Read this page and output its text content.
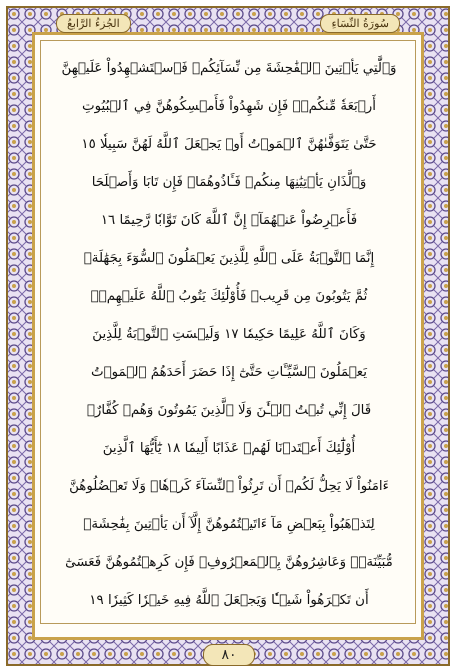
الجُزءُ الرَّابعُ	سُورَةُ النِّسَاءِ
وَٱلَّٰتِي يَأۡتِينَ ٱلۡفَٰحِشَةَ مِن نِّسَآئِكُمۡ فَٱسۡتَشۡهِدُواْ عَلَيۡهِنَّ
أَرۡبَعَةٗ مِّنكُمۡۖ فَإِن شَهِدُواْ فَأَمۡسِكُوهُنَّ فِي ٱلۡبُيُوتِ
حَتَّىٰ يَتَوَفَّىٰهُنَّ ٱلۡمَوۡتُ أَوۡ يَجۡعَلَ ٱللَّهُ لَهُنَّ سَبِيلٗا ١٥
وَٱلَّذَانِ يَأۡتِيَٰنِهَا مِنكُمۡ فَـَٔاذُوهُمَاۖ فَإِن تَابَا وَأَصۡلَحَا
فَأَعۡرِضُواْ عَنۡهُمَآۗ إِنَّ ٱللَّهَ كَانَ تَوَّابٗا رَّحِيمًا ١٦
إِنَّمَا ٱلتَّوۡبَةُ عَلَى ٱللَّهِ لِلَّذِينَ يَعۡمَلُونَ ٱلسُّوٓءَ بِجَهَٰلَةٖ
ثُمَّ يَتُوبُونَ مِن قَرِيبٖ فَأُوْلَٰٓئِكَ يَتُوبُ ٱللَّهُ عَلَيۡهِمۡۗ
وَكَانَ ٱللَّهُ عَلِيمًا حَكِيمٗا ١٧ وَلَيۡسَتِ ٱلتَّوۡبَةُ لِلَّذِينَ
يَعۡمَلُونَ ٱلسَّيِّـَٔاتِ حَتَّىٰٓ إِذَا حَضَرَ أَحَدَهُمُ ٱلۡمَوۡتُ
قَالَ إِنِّي تُبۡتُ ٱلۡـَٰٔنَ وَلَا ٱلَّذِينَ يَمُوتُونَ وَهُمۡ كُفَّارٌۚ
أُوْلَٰٓئِكَ أَعۡتَدۡنَا لَهُمۡ عَذَابًا أَلِيمٗا ١٨ يَٰٓأَيُّهَا ٱلَّذِينَ
ءَامَنُواْ لَا يَحِلُّ لَكُمۡ أَن تَرِثُواْ ٱلنِّسَآءَ كَرۡهٗاۖ وَلَا تَعۡضُلُوهُنَّ
لِتَذۡهَبُواْ بِبَعۡضِ مَآ ءَاتَيۡتُمُوهُنَّ إِلَّآ أَن يَأۡتِينَ بِفَٰحِشَةٖ
مُّبَيِّنَةٖۚ وَعَاشِرُوهُنَّ بِٱلۡمَعۡرُوفِۚ فَإِن كَرِهۡتُمُوهُنَّ فَعَسَىٰٓ
أَن تَكۡرَهُواْ شَيۡـٔٗا وَيَجۡعَلَ ٱللَّهُ فِيهِ خَيۡرٗا كَثِيرٗا ١٩
٨٠
